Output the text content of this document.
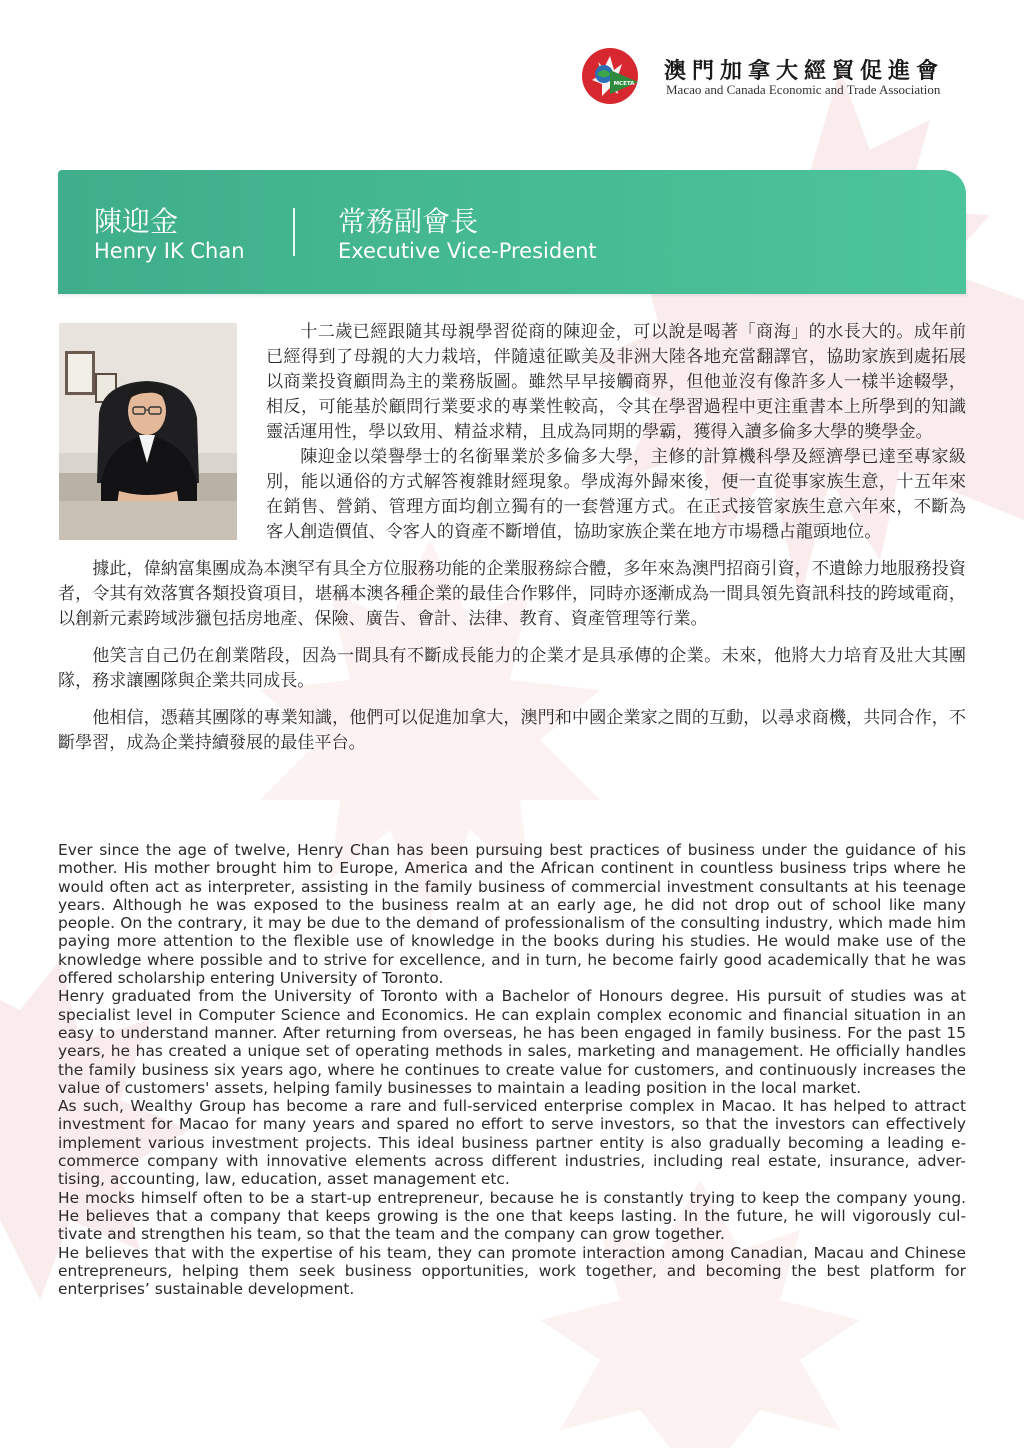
MCETA 澳門加拿大經貿促進會
Macao and Canada Economic and Trade Association
陳迎金
Henry IK Chan
常務副會長
Executive Vice-President

十二歲已經跟隨其母親學習從商的陳迎金，可以說是喝著「商海」的水長大的。成年前已經得到了母親的大力栽培，伴隨遠征歐美及非洲大陸各地充當翻譯官，協助家族到處拓展以商業投資顧問為主的業務版圖。雖然早早接觸商界，但他並沒有像許多人一樣半途輟學，相反，可能基於顧問行業要求的專業性較高，令其在學習過程中更注重書本上所學到的知識靈活運用性，學以致用、精益求精，且成為同期的學霸，獲得入讀多倫多大學的獎學金。

陳迎金以榮譽學士的名銜畢業於多倫多大學，主修的計算機科學及經濟學已達至專家級別，能以通俗的方式解答複雜財經現象。學成海外歸來後，便一直從事家族生意，十五年來在銷售、營銷、管理方面均創立獨有的一套營運方式。在正式接管家族生意六年來，不斷為客人創造價值、令客人的資產不斷增值，協助家族企業在地方市場穩占龍頭地位。

據此，偉納富集團成為本澳罕有具全方位服務功能的企業服務綜合體，多年來為澳門招商引資，不遺餘力地服務投資者，令其有效落實各類投資項目，堪稱本澳各種企業的最佳合作夥伴，同時亦逐漸成為一間具領先資訊科技的跨域電商，以創新元素跨域涉獵包括房地產、保險、廣告、會計、法律、教育、資產管理等行業。

他笑言自己仍在創業階段，因為一間具有不斷成長能力的企業才是具承傳的企業。未來，他將大力培育及壯大其團隊，務求讓團隊與企業共同成長。

他相信，憑藉其團隊的專業知識，他們可以促進加拿大，澳門和中國企業家之間的互動，以尋求商機，共同合作，不斷學習，成為企業持續發展的最佳平台。

Ever since the age of twelve, Henry Chan has been pursuing best practices of business under the guidance of his mother. His mother brought him to Europe, America and the African continent in countless business trips where he would often act as interpreter, assisting in the family business of commercial investment consultants at his teenage years. Although he was exposed to the business realm at an early age, he did not drop out of school like many people. On the contrary, it may be due to the demand of professionalism of the consulting industry, which made him paying more attention to the flexible use of knowledge in the books during his studies. He would make use of the knowledge where possible and to strive for excellence, and in turn, he become fairly good academically that he was offered scholarship entering University of Toronto.

Henry graduated from the University of Toronto with a Bachelor of Honours degree. His pursuit of studies was at specialist level in Computer Science and Economics. He can explain complex economic and financial situation in an easy to understand manner. After returning from overseas, he has been engaged in family business. For the past 15 years, he has created a unique set of operating methods in sales, marketing and management. He officially handles the family business six years ago, where he continues to create value for customers, and continuously increases the value of customers' assets, helping family businesses to maintain a leading position in the local market.

As such, Wealthy Group has become a rare and full-serviced enterprise complex in Macao. It has helped to attract investment for Macao for many years and spared no effort to serve investors, so that the investors can effectively implement various investment projects. This ideal business partner entity is also gradually becoming a leading e-commerce company with innovative elements across different industries, including real estate, insurance, adver-tising, accounting, law, education, asset management etc.

He mocks himself often to be a start-up entrepreneur, because he is constantly trying to keep the company young. He believes that a company that keeps growing is the one that keeps lasting. In the future, he will vigorously cul-tivate and strengthen his team, so that the team and the company can grow together.

He believes that with the expertise of his team, they can promote interaction among Canadian, Macau and Chinese entrepreneurs, helping them seek business opportunities, work together, and becoming the best platform for enterprises’ sustainable development.
